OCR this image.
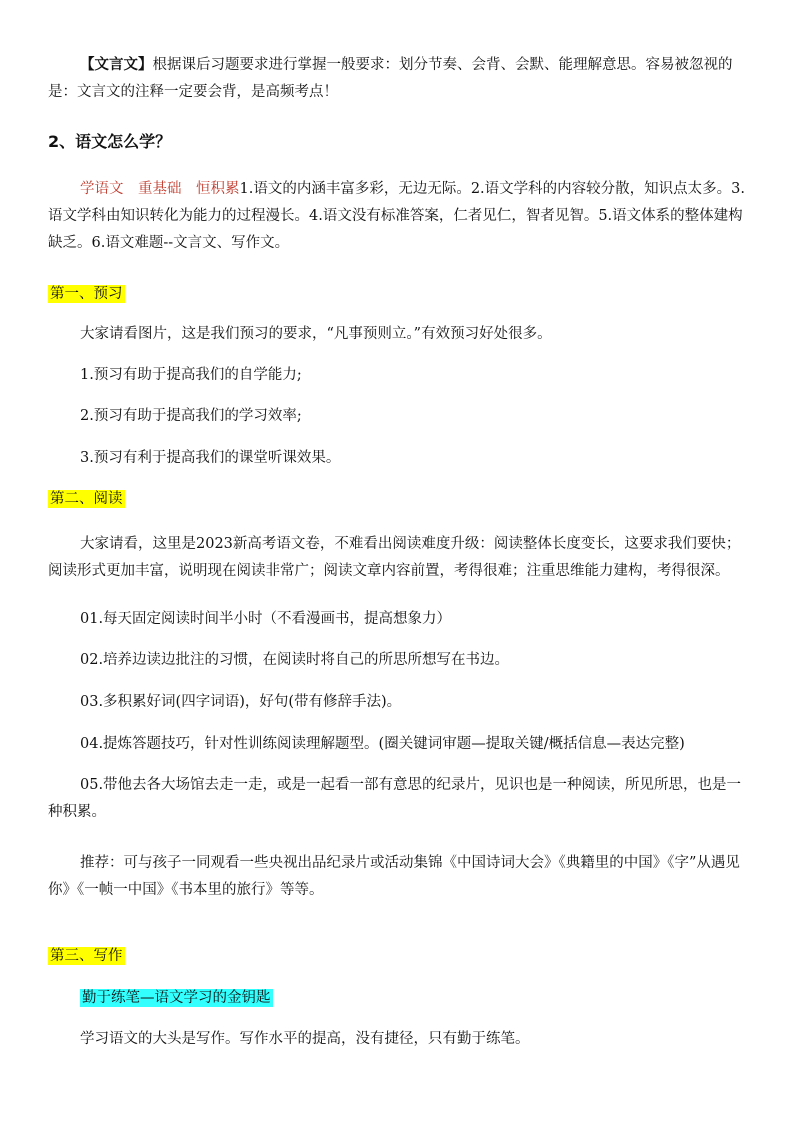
【文言文】根据课后习题要求进行掌握一般要求：划分节奏、会背、会默、能理解意思。容易被忽视的是：文言文的注释一定要会背，是高频考点！

2、语文怎么学？

学语文　重基础　恒积累1.语文的内涵丰富多彩，无边无际。2.语文学科的内容较分散，知识点太多。3.语文学科由知识转化为能力的过程漫长。4.语文没有标准答案，仁者见仁，智者见智。5.语文体系的整体建构缺乏。6.语文难题--文言文、写作文。

第一、预习

大家请看图片，这是我们预习的要求，“凡事预则立。”有效预习好处很多。

1.预习有助于提高我们的自学能力;

2.预习有助于提高我们的学习效率;

3.预习有利于提高我们的课堂听课效果。

第二、阅读

大家请看，这里是2023新高考语文卷，不难看出阅读难度升级：阅读整体长度变长，这要求我们要快；阅读形式更加丰富，说明现在阅读非常广；阅读文章内容前置，考得很难；注重思维能力建构，考得很深。

01.每天固定阅读时间半小时（不看漫画书，提高想象力）

02.培养边读边批注的习惯，在阅读时将自己的所思所想写在书边。

03.多积累好词(四字词语)，好句(带有修辞手法)。

04.提炼答题技巧，针对性训练阅读理解题型。(圈关键词审题—提取关键/概括信息—表达完整)

05.带他去各大场馆去走一走，或是一起看一部有意思的纪录片，见识也是一种阅读，所见所思，也是一种积累。

推荐：可与孩子一同观看一些央视出品纪录片或活动集锦《中国诗词大会》《典籍里的中国》《字”从遇见你》《一帧一中国》《书本里的旅行》等等。

第三、写作

勤于练笔—语文学习的金钥匙

学习语文的大头是写作。写作水平的提高，没有捷径，只有勤于练笔。
